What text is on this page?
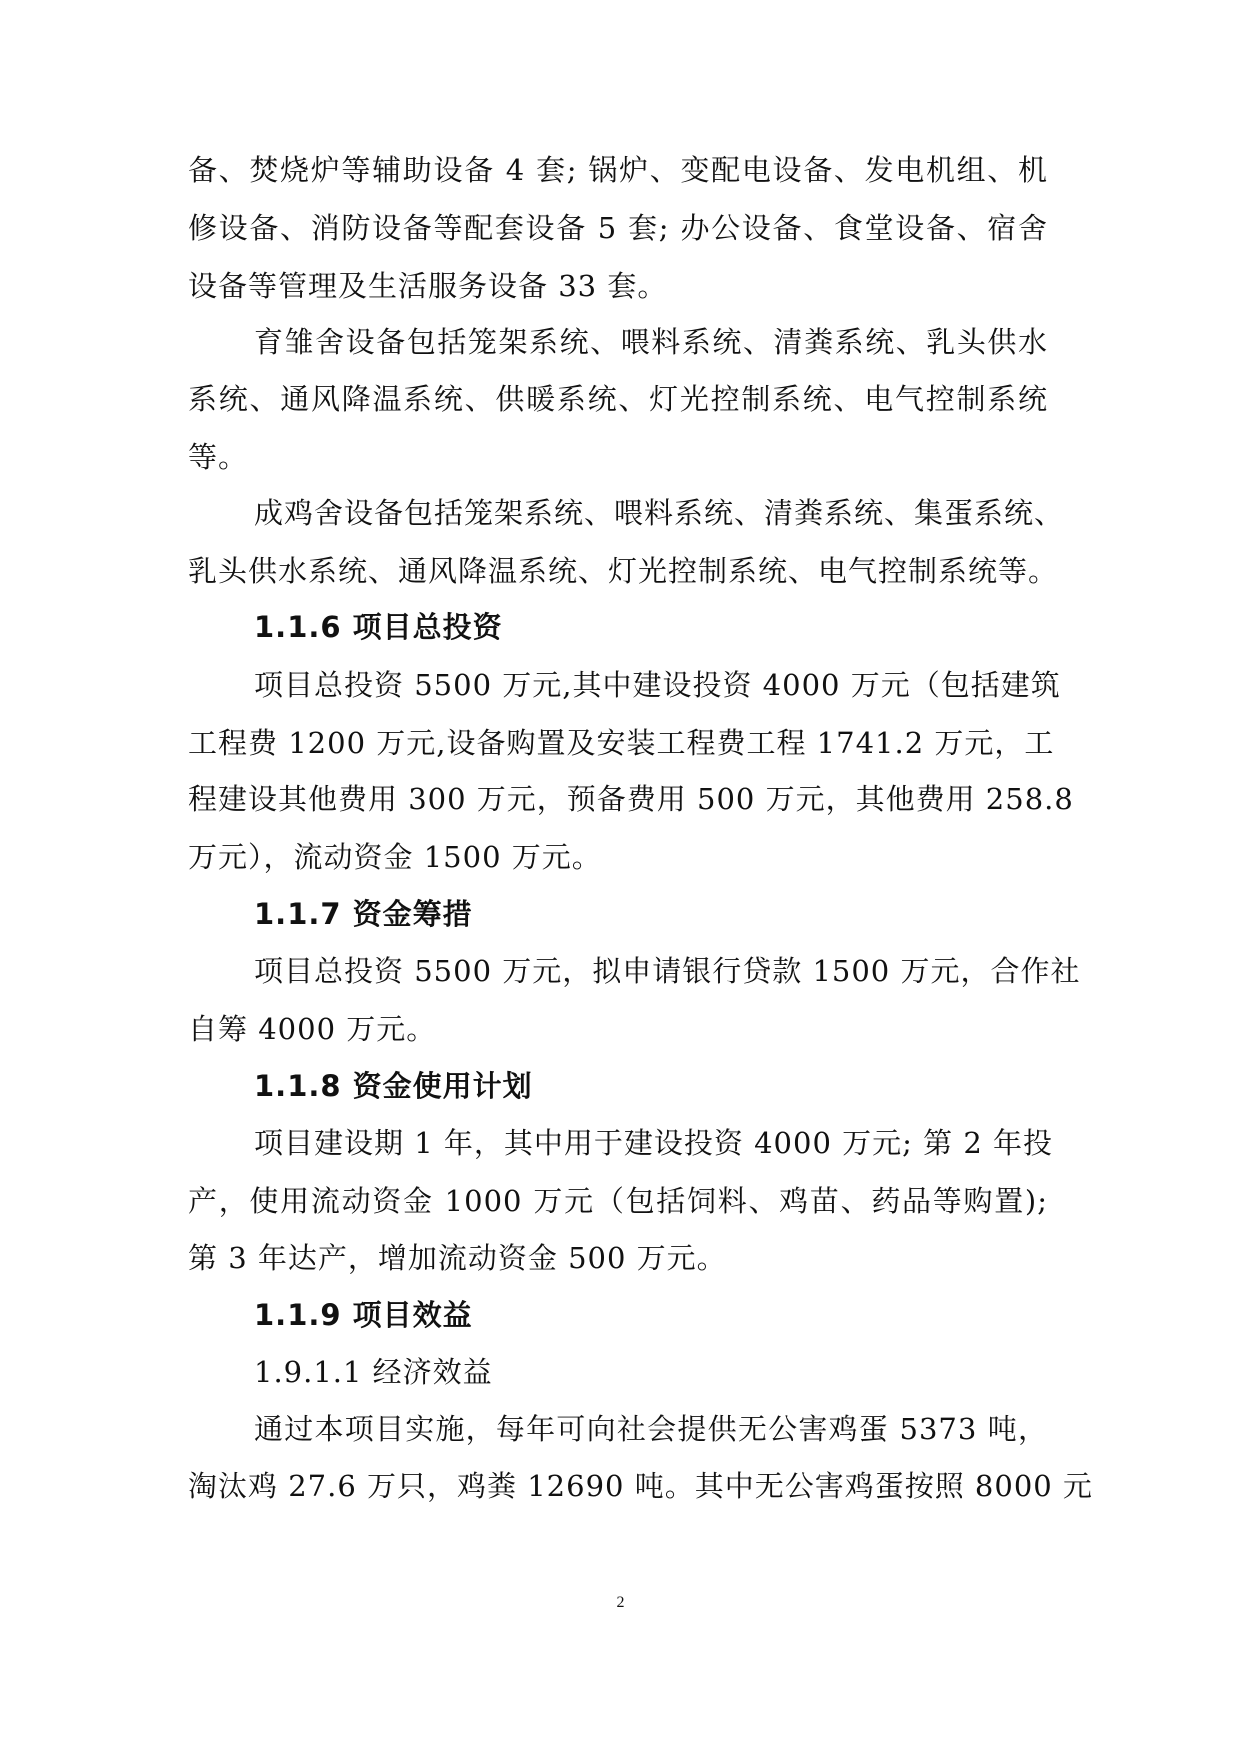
备、焚烧炉等辅助设备 4 套; 锅炉、变配电设备、发电机组、机
修设备、消防设备等配套设备 5 套; 办公设备、食堂设备、宿舍
设备等管理及生活服务设备 33 套。
育雏舍设备包括笼架系统、喂料系统、清粪系统、乳头供水
系统、通风降温系统、供暖系统、灯光控制系统、电气控制系统
等。
成鸡舍设备包括笼架系统、喂料系统、清粪系统、集蛋系统、
乳头供水系统、通风降温系统、灯光控制系统、电气控制系统等。
1.1.6 项目总投资
项目总投资 5500 万元,其中建设投资 4000 万元（包括建筑
工程费 1200 万元,设备购置及安装工程费工程 1741.2 万元，工
程建设其他费用 300 万元，预备费用 500 万元，其他费用 258.8
万元），流动资金 1500 万元。
1.1.7 资金筹措
项目总投资 5500 万元，拟申请银行贷款 1500 万元，合作社
自筹 4000 万元。
1.1.8 资金使用计划
项目建设期 1 年，其中用于建设投资 4000 万元; 第 2 年投
产，使用流动资金 1000 万元（包括饲料、鸡苗、药品等购置);
第 3 年达产，增加流动资金 500 万元。
1.1.9 项目效益
1.9.1.1 经济效益
通过本项目实施，每年可向社会提供无公害鸡蛋 5373 吨，
淘汰鸡 27.6 万只，鸡粪 12690 吨。其中无公害鸡蛋按照 8000 元
2
